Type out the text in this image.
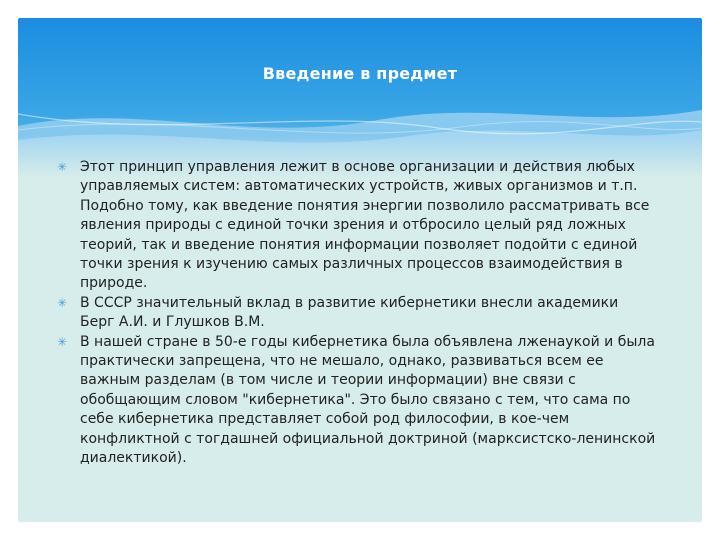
Введение в предмет
✳ Этот принцип управления лежит в основе организации и действия любых управляемых систем: автоматических устройств, живых организмов и т.п. Подобно тому, как введение понятия энергии позволило рассматривать все явления природы с единой точки зрения и отбросило целый ряд ложных теорий, так и введение понятия информации позволяет подойти с единой точки зрения к изучению самых различных процессов взаимодействия в природе.
✳ В СССР значительный вклад в развитие кибернетики внесли академики Берг А.И. и Глушков В.М.
✳ В нашей стране в 50-е годы кибернетика была объявлена лженаукой и была практически запрещена, что не мешало, однако, развиваться всем ее важным разделам (в том числе и теории информации) вне связи с обобщающим словом "кибернетика". Это было связано с тем, что сама по себе кибернетика представляет собой род философии, в кое-чем конфликтной с тогдашней официальной доктриной (марксистско-ленинской диалектикой).
